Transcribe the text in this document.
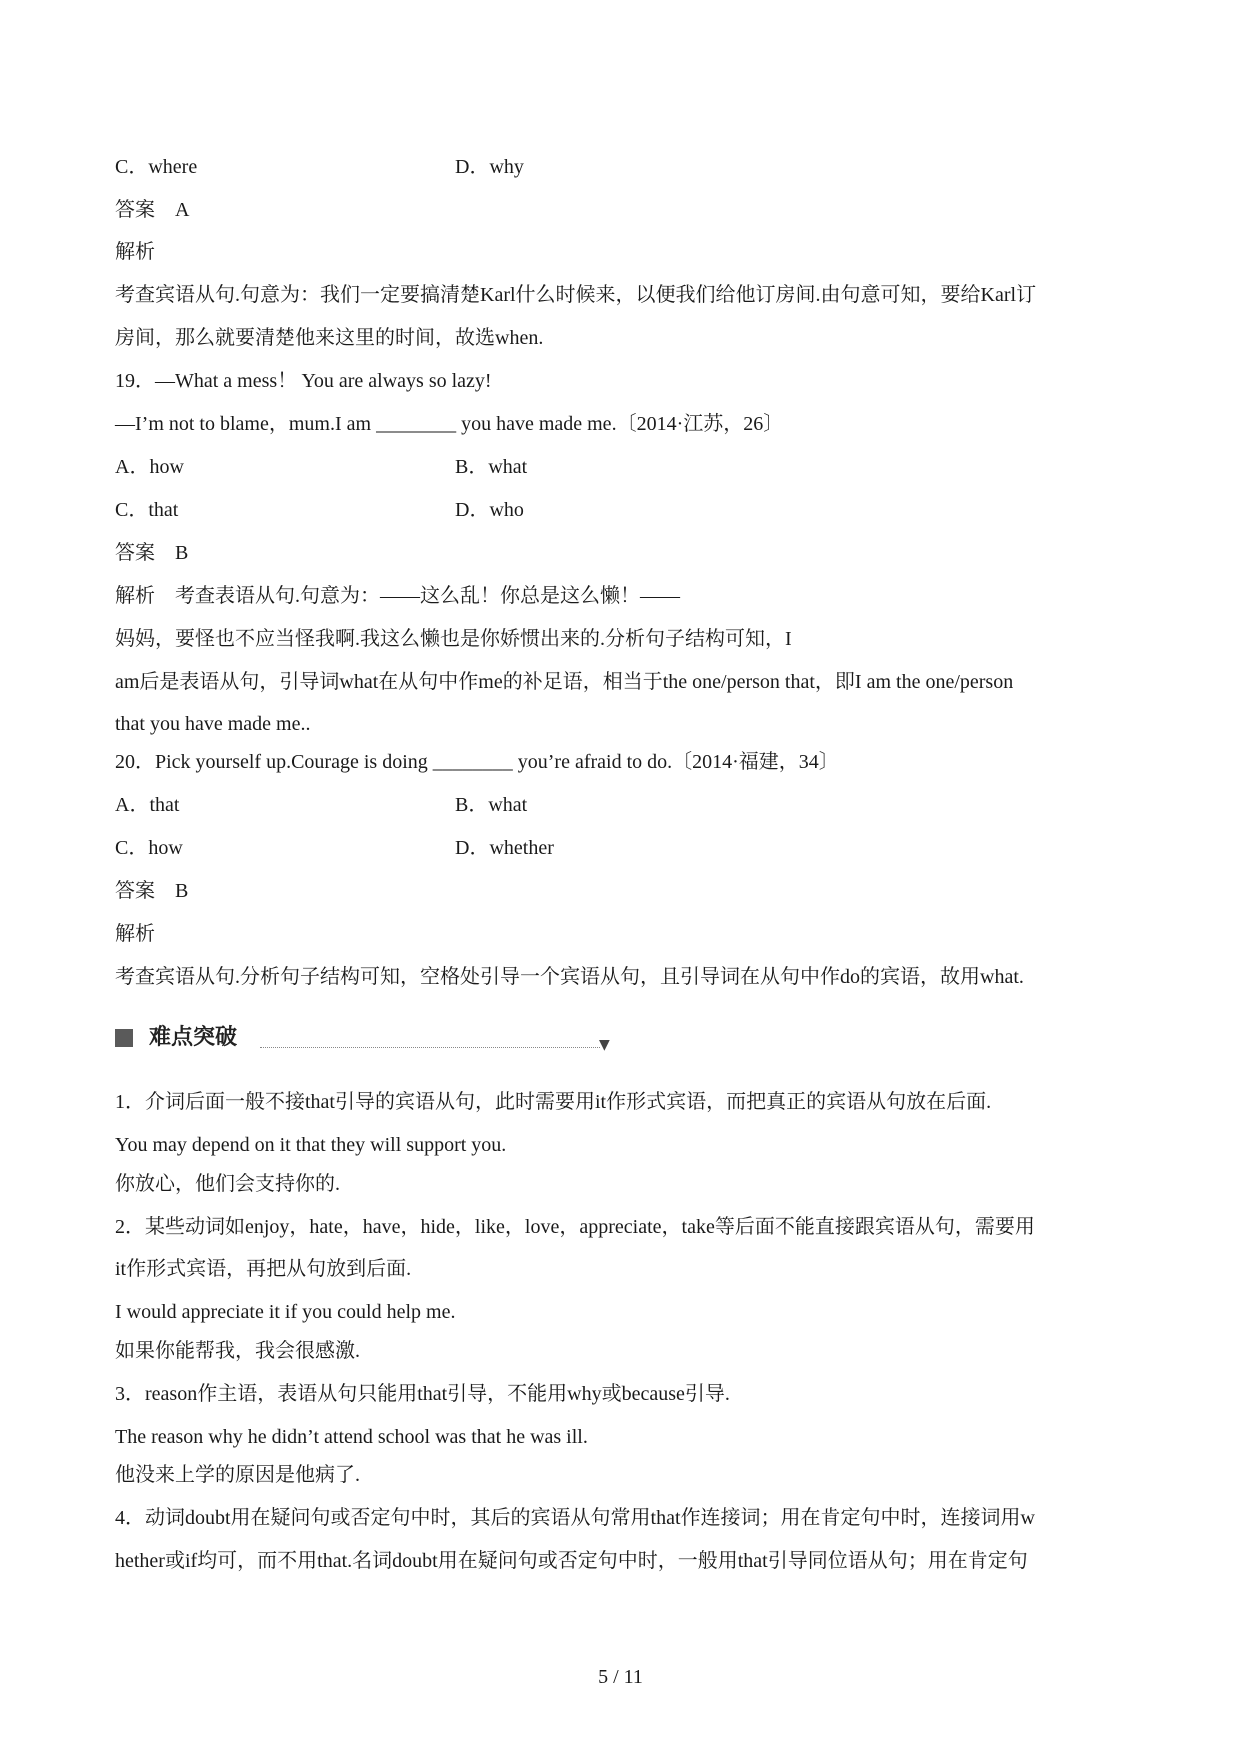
C．where
答案　A
解析
考查宾语从句.句意为：我们一定要搞清楚Karl什么时候来，以便我们给他订房间.由句意可知，要给Karl订
房间，那么就要清楚他来这里的时间，故选when.
19．—What a mess！ You are always so lazy!
—I’m not to blame，mum.I am ________ you have made me.〔2014·江苏，26〕
A．how
C．that
答案　B
解析　考查表语从句.句意为：——这么乱！你总是这么懒！——
妈妈，要怪也不应当怪我啊.我这么懒也是你娇惯出来的.分析句子结构可知，I
am后是表语从句，引导词what在从句中作me的补足语，相当于the one/person that，即I am the one/person
that you have made me..
20．Pick yourself up.Courage is doing ________ you’re afraid to do.〔2014·福建，34〕
A．that
C．how
答案　B
解析
考查宾语从句.分析句子结构可知，空格处引导一个宾语从句，且引导词在从句中作do的宾语，故用what.
1．介词后面一般不接that引导的宾语从句，此时需要用it作形式宾语，而把真正的宾语从句放在后面.
You may depend on it that they will support you.
你放心，他们会支持你的.
2．某些动词如enjoy，hate，have，hide，like，love，appreciate，take等后面不能直接跟宾语从句，需要用
it作形式宾语，再把从句放到后面.
I would appreciate it if you could help me.
如果你能帮我，我会很感激.
3．reason作主语，表语从句只能用that引导，不能用why或because引导.
The reason why he didn’t attend school was that he was ill.
他没来上学的原因是他病了.
4．动词doubt用在疑问句或否定句中时，其后的宾语从句常用that作连接词；用在肯定句中时，连接词用w
hether或if均可，而不用that.名词doubt用在疑问句或否定句中时，一般用that引导同位语从句；用在肯定句
D．why
B．what
D．who
B．what
D．whether
难点突破	▼
5 / 11
